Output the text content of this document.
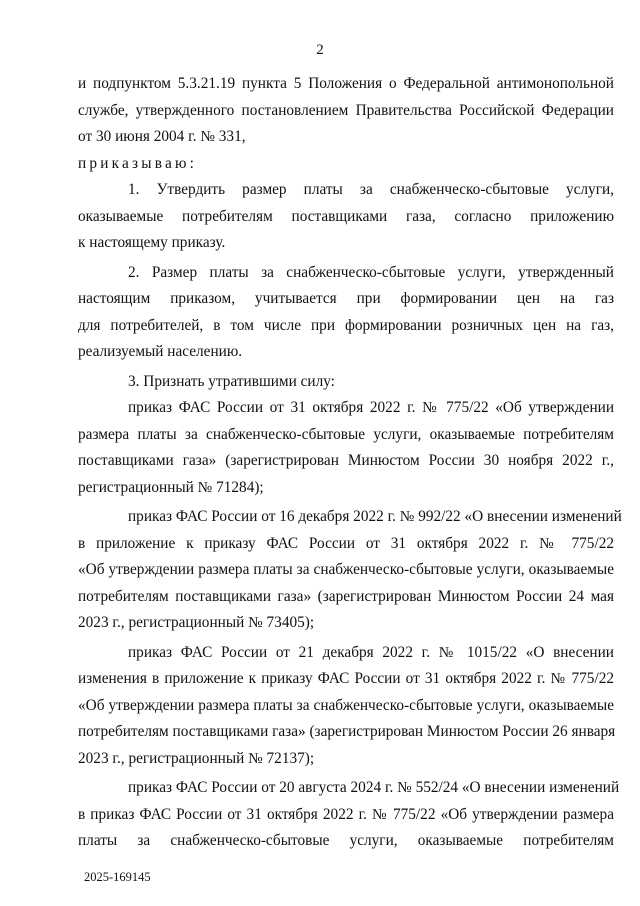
2
и подпунктом 5.3.21.19 пункта 5 Положения о Федеральной антимонопольной
службе, утвержденного постановлением Правительства Российской Федерации
от 30 июня 2004 г. № 331,
приказываю:
1. Утвердить размер платы за снабженческо-сбытовые услуги,
оказываемые потребителям поставщиками газа, согласно приложению
к настоящему приказу.
2. Размер платы за снабженческо-сбытовые услуги, утвержденный
настоящим приказом, учитывается при формировании цен на газ
для потребителей, в том числе при формировании розничных цен на газ,
реализуемый населению.
3. Признать утратившими силу:
приказ ФАС России от 31 октября 2022 г. № 775/22 «Об утверждении
размера платы за снабженческо-сбытовые услуги, оказываемые потребителям
поставщиками газа» (зарегистрирован Минюстом России 30 ноября 2022 г.,
регистрационный № 71284);
приказ ФАС России от 16 декабря 2022 г. № 992/22 «О внесении изменений
в приложение к приказу ФАС России от 31 октября 2022 г. № 775/22
«Об утверждении размера платы за снабженческо-сбытовые услуги, оказываемые
потребителям поставщиками газа» (зарегистрирован Минюстом России 24 мая
2023 г., регистрационный № 73405);
приказ ФАС России от 21 декабря 2022 г. № 1015/22 «О внесении
изменения в приложение к приказу ФАС России от 31 октября 2022 г. № 775/22
«Об утверждении размера платы за снабженческо-сбытовые услуги, оказываемые
потребителям поставщиками газа» (зарегистрирован Минюстом России 26 января
2023 г., регистрационный № 72137);
приказ ФАС России от 20 августа 2024 г. № 552/24 «О внесении изменений
в приказ ФАС России от 31 октября 2022 г. № 775/22 «Об утверждении размера
платы за снабженческо-сбытовые услуги, оказываемые потребителям
2025-169145
